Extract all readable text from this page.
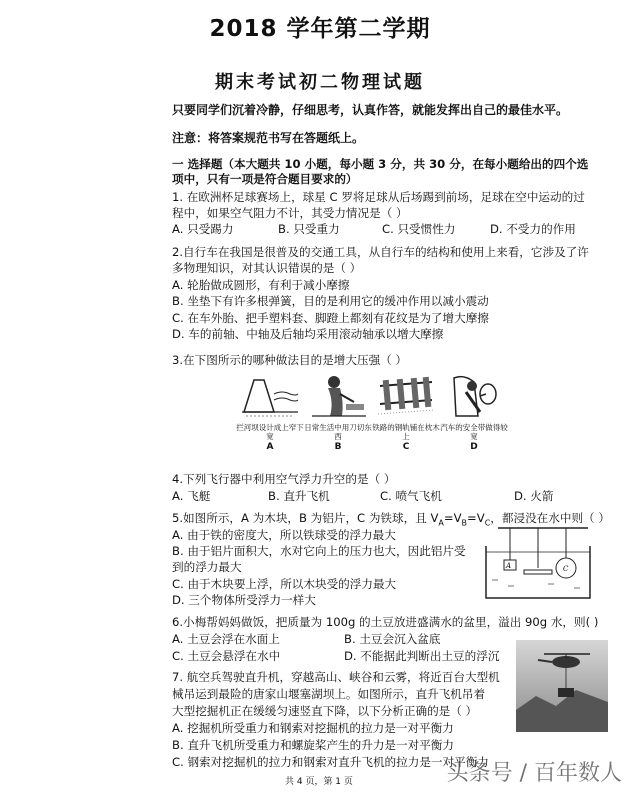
2018 学年第二学期
期末考试初二物理试题
只要同学们沉着冷静，仔细思考，认真作答，就能发挥出自己的最佳水平。
注意：将答案规范书写在答题纸上。
一 选择题（本大题共 10 小题，每小题 3 分，共 30 分，在每小题给出的四个选
项中，只有一项是符合题目要求的）
1. 在欧洲杯足球赛场上，球星 C 罗将足球从后场踢到前场，足球在空中运动的过
程中，如果空气阻力不计，其受力情况是（ ）
A. 只受踢力	B. 只受重力	C. 只受惯性力	D. 不受力的作用
2.自行车在我国是很普及的交通工具，从自行车的结构和使用上来看，它涉及了许
多物理知识，对其认识错误的是（ ）
A. 轮胎做成圆形，有利于减小摩擦
B. 坐垫下有许多根弹簧，目的是利用它的缓冲作用以减小震动
C. 在车外胎、把手塑料套、脚蹬上都刻有花纹是为了增大摩擦
D. 车的前轴、中轴及后轴均采用滚动轴承以增大摩擦
3.在下图所示的哪种做法目的是增大压强（ ）
拦河坝设计成上窄下宽
A
日常生活中用刀切东西
B
铁路的钢轨铺在枕木上
C
汽车的安全带做得较宽
D
4.下列飞行器中利用空气浮力升空的是（ ）
A. 飞艇	B. 直升飞机	C. 喷气飞机	D. 火箭
5.如图所示，A 为木块，B 为铝片，C 为铁球，且 $V_A=V_B=V_C$，都浸没在水中则（ ）
A. 由于铁的密度大，所以铁球受的浮力最大
B. 由于铝片面积大，水对它向上的压力也大，因此铝片受
到的浮力最大
C. 由于木块要上浮，所以木块受的浮力最大
D. 三个物体所受浮力一样大
A	C
6.小梅帮妈妈做饭，把质量为 100g 的土豆放进盛满水的盆里，溢出 90g 水，则( )
A. 土豆会浮在水面上	B. 土豆会沉入盆底
C. 土豆会悬浮在水中	D. 不能据此判断出土豆的浮沉
7. 航空兵驾驶直升机，穿越高山、峡谷和云雾，将近百台大型机
械吊运到最险的唐家山堰塞湖坝上。如图所示，直升飞机吊着
大型挖掘机正在缓缓匀速竖直下降，以下分析正确的是（ ）
A. 挖掘机所受重力和钢索对挖掘机的拉力是一对平衡力
B. 直升飞机所受重力和螺旋桨产生的升力是一对平衡力
C. 钢索对挖掘机的拉力和钢索对直升飞机的拉力是一对平衡力
共 4 页，第 1 页	头条号 / 百年数人
